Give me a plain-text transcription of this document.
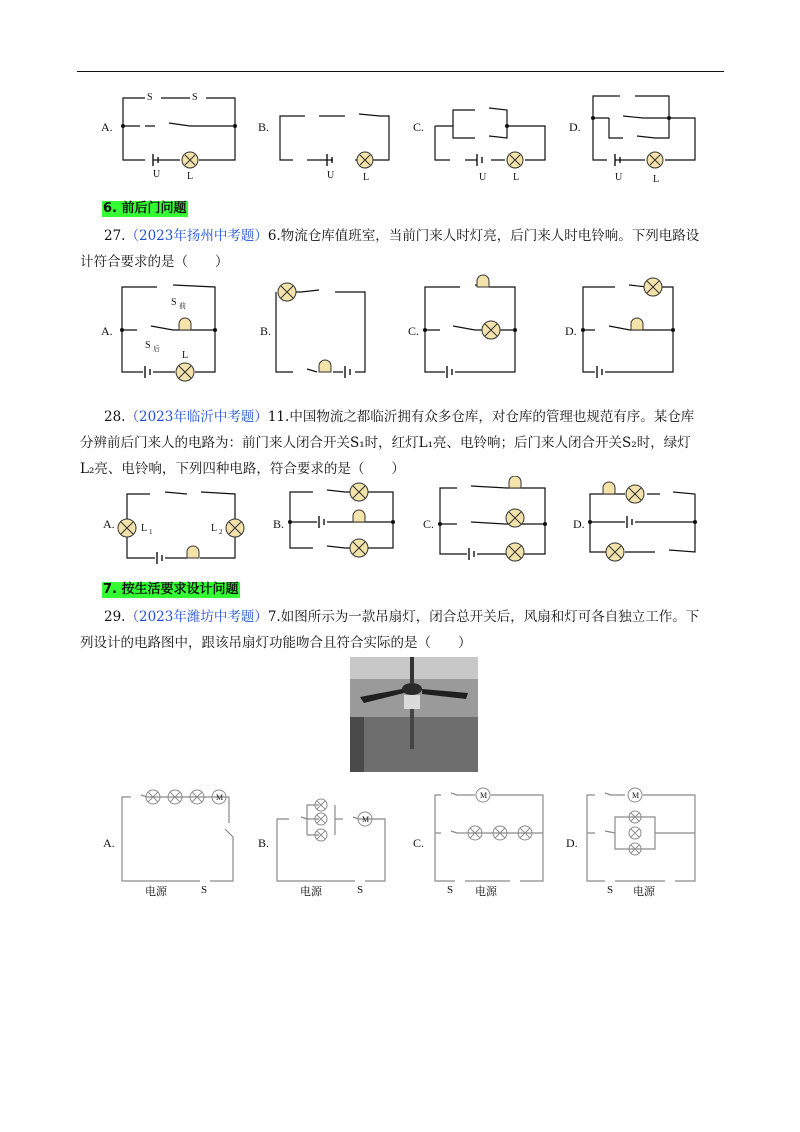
A.	B.	C.	D.
S	S
U	L	U	L	U	L	U	L
6. 前后门问题

27.（2023年扬州中考题）6.物流仓库值班室，当前门来人时灯亮，后门来人时电铃响。下列电路设

计符合要求的是（　　）

A.	B.	C.	D.
S 前
S 后
L

28.（2023年临沂中考题）11.中国物流之都临沂拥有众多仓库，对仓库的管理也规范有序。某仓库

分辨前后门来人的电路为：前门来人闭合开关S₁时，红灯L₁亮、电铃响；后门来人闭合开关S₂时，绿灯

L₂亮、电铃响，下列四种电路，符合要求的是（　　）

A.	B.	C.	D.
L 1	L 2
7. 按生活要求设计问题

29.（2023年潍坊中考题）7.如图所示为一款吊扇灯，闭合总开关后，风扇和灯可各自独立工作。下

列设计的电路图中，跟该吊扇灯功能吻合且符合实际的是（　　）

M
M
M	M
A.	B.	C.	D.
电源	S	电源	S	S 电源	S 电源
